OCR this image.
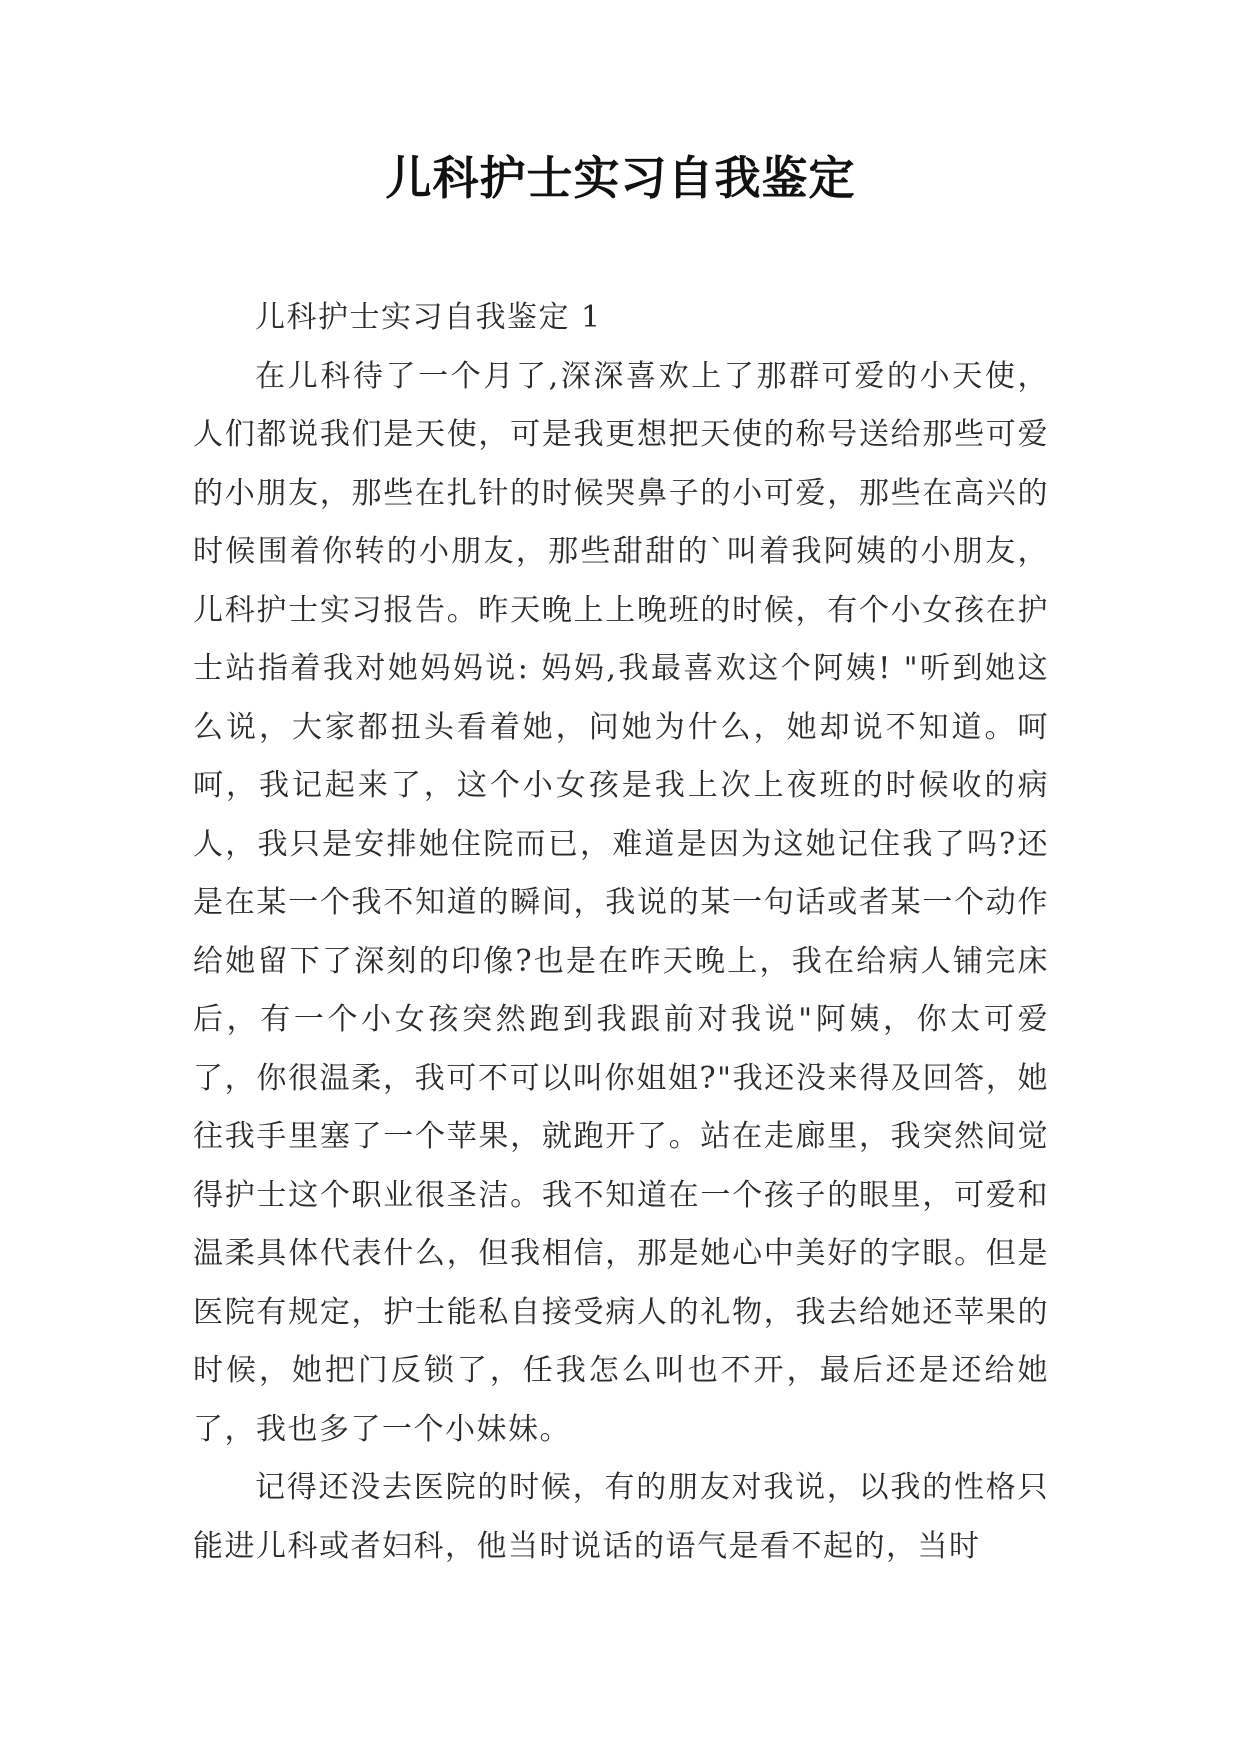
儿科护士实习自我鉴定
儿科护士实习自我鉴定 1

在儿科待了一个月了,深深喜欢上了那群可爱的小天使，人们都说我们是天使，可是我更想把天使的称号送给那些可爱的小朋友，那些在扎针的时候哭鼻子的小可爱，那些在高兴的时候围着你转的小朋友，那些甜甜的`叫着我阿姨的小朋友，儿科护士实习报告。昨天晚上上晚班的时候，有个小女孩在护士站指着我对她妈妈说: 妈妈,我最喜欢这个阿姨! "听到她这么说，大家都扭头看着她，问她为什么，她却说不知道。呵呵，我记起来了，这个小女孩是我上次上夜班的时候收的病人，我只是安排她住院而已，难道是因为这她记住我了吗?还是在某一个我不知道的瞬间，我说的某一句话或者某一个动作给她留下了深刻的印像?也是在昨天晚上，我在给病人铺完床后，有一个小女孩突然跑到我跟前对我说"阿姨，你太可爱了，你很温柔，我可不可以叫你姐姐?"我还没来得及回答，她往我手里塞了一个苹果，就跑开了。站在走廊里，我突然间觉得护士这个职业很圣洁。我不知道在一个孩子的眼里，可爱和温柔具体代表什么，但我相信，那是她心中美好的字眼。但是医院有规定，护士能私自接受病人的礼物，我去给她还苹果的时候，她把门反锁了，任我怎么叫也不开，最后还是还给她了，我也多了一个小妹妹。

记得还没去医院的时候，有的朋友对我说，以我的性格只能进儿科或者妇科，他当时说话的语气是看不起的，当时
